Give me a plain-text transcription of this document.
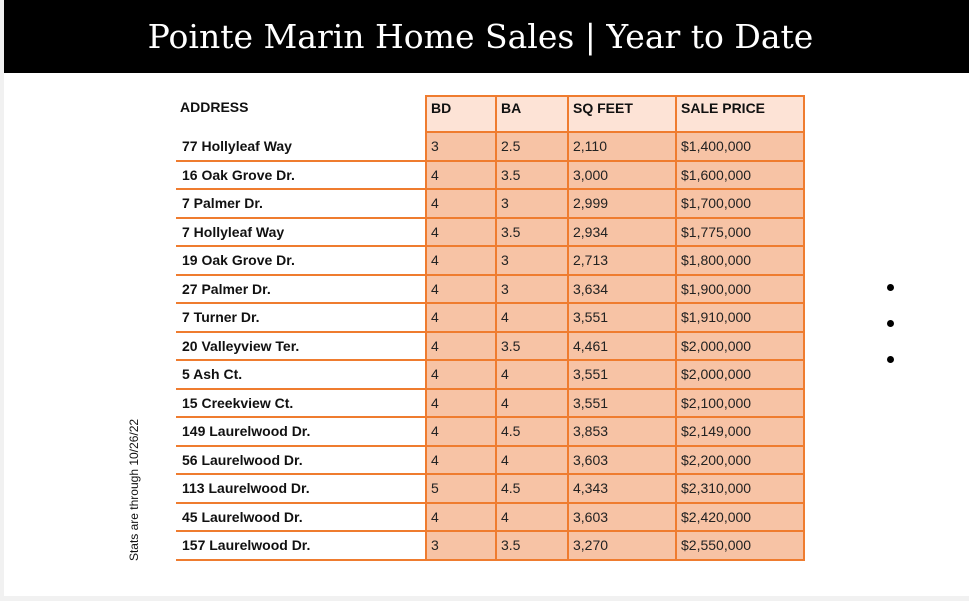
Pointe Marin Home Sales | Year to Date
ADDRESS	BD	BA	SQ FEET	SALE PRICE
77 Hollyleaf Way	3	2.5	2,110	$1,400,000
16 Oak Grove Dr.	4	3.5	3,000	$1,600,000
7 Palmer Dr.	4	3	2,999	$1,700,000
7 Hollyleaf Way	4	3.5	2,934	$1,775,000
19 Oak Grove Dr.	4	3	2,713	$1,800,000
27 Palmer Dr.	4	3	3,634	$1,900,000
7 Turner Dr.	4	4	3,551	$1,910,000
20 Valleyview Ter.	4	3.5	4,461	$2,000,000
5 Ash Ct.	4	4	3,551	$2,000,000
15 Creekview Ct.	4	4	3,551	$2,100,000
149 Laurelwood Dr.	4	4.5	3,853	$2,149,000
56 Laurelwood Dr.	4	4	3,603	$2,200,000
113 Laurelwood Dr.	5	4.5	4,343	$2,310,000
45 Laurelwood Dr.	4	4	3,603	$2,420,000
157 Laurelwood Dr.	3	3.5	3,270	$2,550,000
Stats are through 10/26/22
